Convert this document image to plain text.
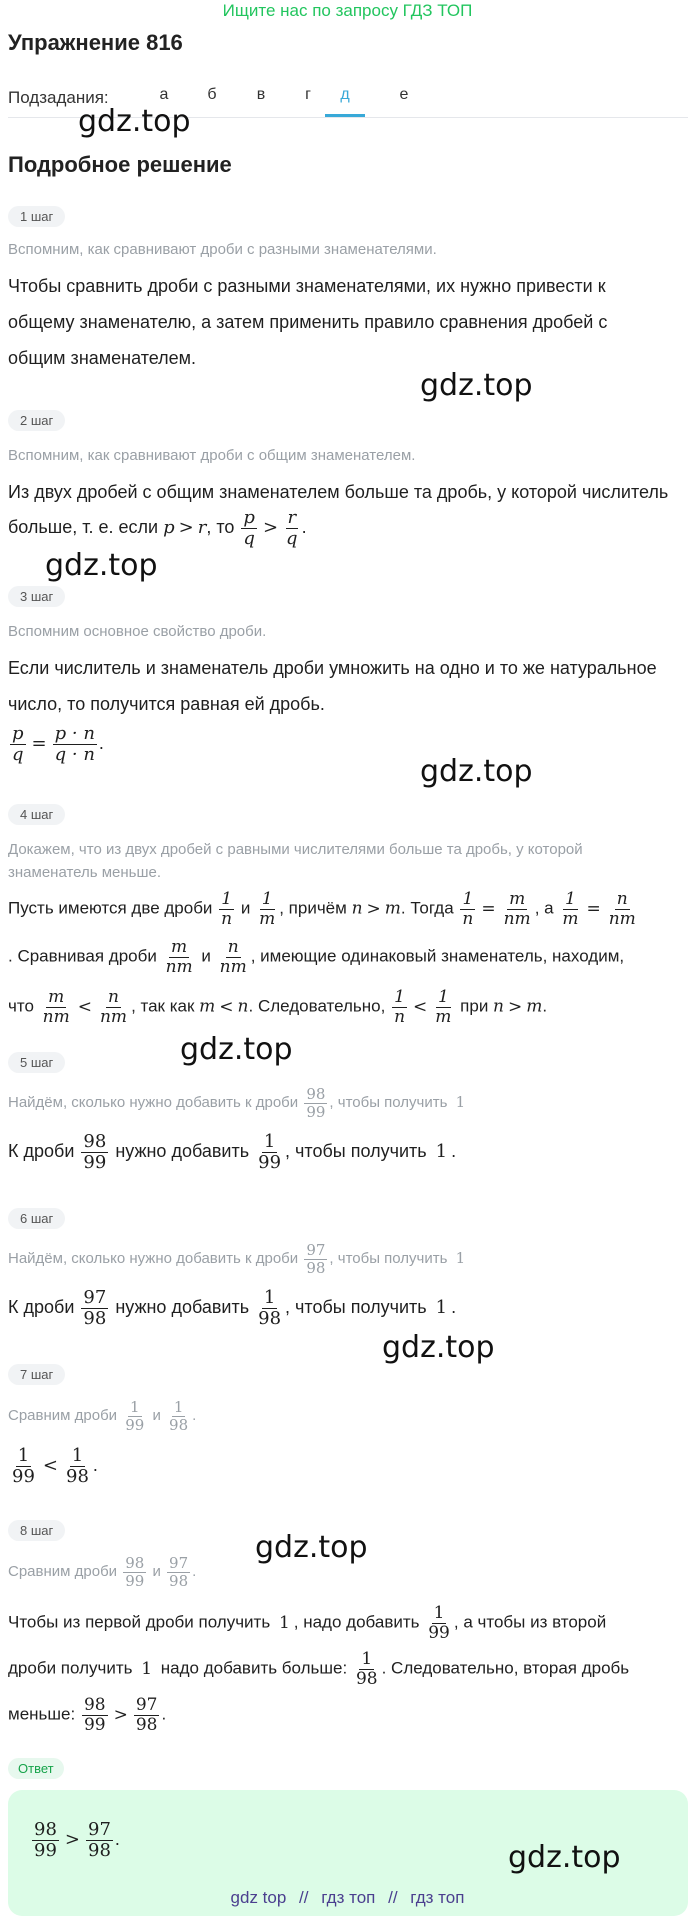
Ищите нас по запросу ГДЗ ТОП
Упражнение 816
Подзадания:	а	б	в	г	д	е
gdz.top
Подробное решение
1 шаг
Вспомним, как сравнивают дроби с разными знаменателями.
Чтобы сравнить дроби с разными знаменателями, их нужно привести к общему знаменателю, а затем применить правило сравнения дробей с общим знаменателем.
gdz.top
2 шаг
Вспомним, как сравнивают дроби с общим знаменателем.
Из двух дробей с общим знаменателем больше та дробь, у которой числитель
больше, т. е. если p > r, то $\frac{p}{q} > \frac{r}{q}$ .
gdz.top
3 шаг
Вспомним основное свойство дроби.
Если числитель и знаменатель дроби умножить на одно и то же натуральное число, то получится равная ей дробь.
$\frac{p}{q} = \frac{p \cdot n}{q \cdot n}$ .
gdz.top
4 шаг
Докажем, что из двух дробей с равными числителями больше та дробь, у которой знаменатель меньше.
Пусть имеются две дроби $\frac{1}{n}$ и $\frac{1}{m}$ , причём n > m. Тогда $\frac{1}{n} = \frac{m}{nm}$ , а $\frac{1}{m} = \frac{n}{nm}$
. Сравнивая дроби $\frac{m}{nm}$ и $\frac{n}{nm}$ , имеющие одинаковый знаменатель, находим,
что $\frac{m}{nm} < \frac{n}{nm}$ , так как m < n. Следовательно, $\frac{1}{n} < \frac{1}{m}$ при n > m.
gdz.top
5 шаг
Найдём, сколько нужно добавить к дроби $\frac{98}{99}$ , чтобы получить 1
К дроби $\frac{98}{99}$ нужно добавить $\frac{1}{99}$ , чтобы получить 1 .
6 шаг
Найдём, сколько нужно добавить к дроби $\frac{97}{98}$ , чтобы получить 1
К дроби $\frac{97}{98}$ нужно добавить $\frac{1}{98}$ , чтобы получить 1 .
gdz.top
7 шаг
Сравним дроби $\frac{1}{99}$ и $\frac{1}{98}$ .
$\frac{1}{99} < \frac{1}{98}$ .
8 шаг	gdz.top
Сравним дроби $\frac{98}{99}$ и $\frac{97}{98}$ .
Чтобы из первой дроби получить 1 , надо добавить $\frac{1}{99}$ , а чтобы из второй
дроби получить 1 надо добавить больше: $\frac{1}{98}$ . Следовательно, вторая дробь
меньше: $\frac{98}{99} > \frac{97}{98}$ .
Ответ
$\frac{98}{99} > \frac{97}{98}$ .
gdz.top
gdz top // гдз топ // гдз топ
